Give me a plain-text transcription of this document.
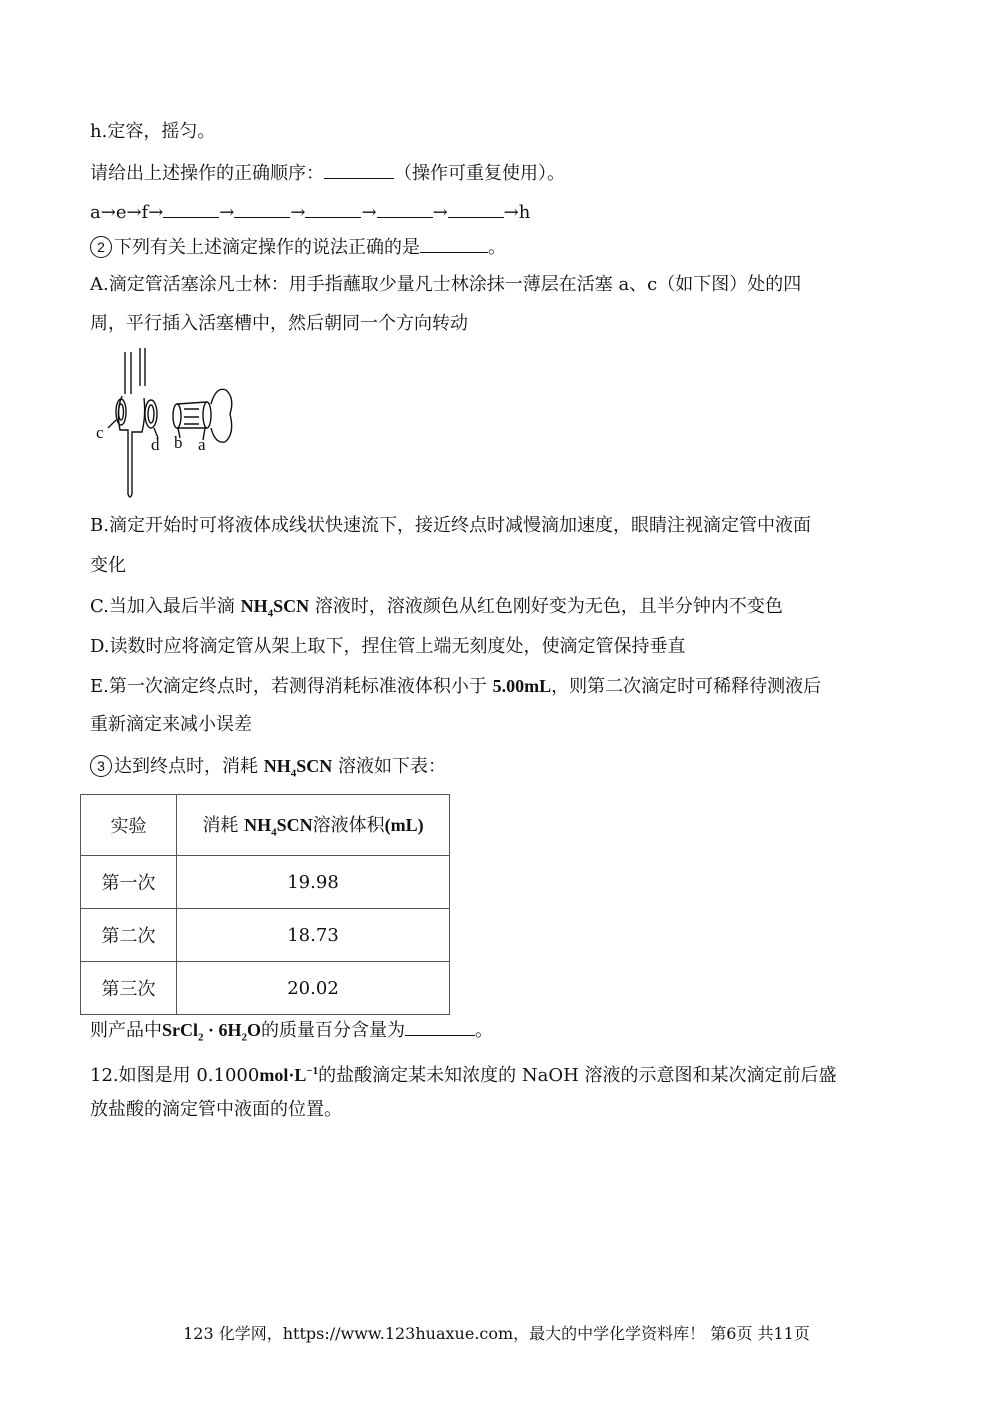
h.定容，摇匀。
请给出上述操作的正确顺序：	（操作可重复使用）。
a→e→f→	→	→	→	→	→h
2 下列有关上述滴定操作的说法正确的是	。
A.滴定管活塞涂凡士林：用手指蘸取少量凡士林涂抹一薄层在活塞 a、c（如下图）处的四
周，平行插入活塞槽中，然后朝同一个方向转动
c
d b a
B.滴定开始时可将液体成线状快速流下，接近终点时减慢滴加速度，眼睛注视滴定管中液面
变化
C.当加入最后半滴 $NH_4SCN$ 溶液时，溶液颜色从红色刚好变为无色，且半分钟内不变色
D.读数时应将滴定管从架上取下，捏住管上端无刻度处，使滴定管保持垂直
E.第一次滴定终点时，若测得消耗标准液体积小于 5.00mL，则第二次滴定时可稀释待测液后
重新滴定来减小误差
3 达到终点时，消耗 $NH_4SCN$ 溶液如下表：
实验	消耗 $NH_4SCN$溶液体积(mL)
第一次	19.98
第二次	18.73
第三次	20.02
则产品中SrCl$_2$ · $6H_2O$的质量百分含量为	。
12.如图是用 $0.1000mol\cdot L^{-1}$的盐酸滴定某未知浓度的 NaOH 溶液的示意图和某次滴定前后盛
放盐酸的滴定管中液面的位置。
123 化学网，https://www.123huaxue.com，最大的中学化学资料库！ 第6页 共11页
